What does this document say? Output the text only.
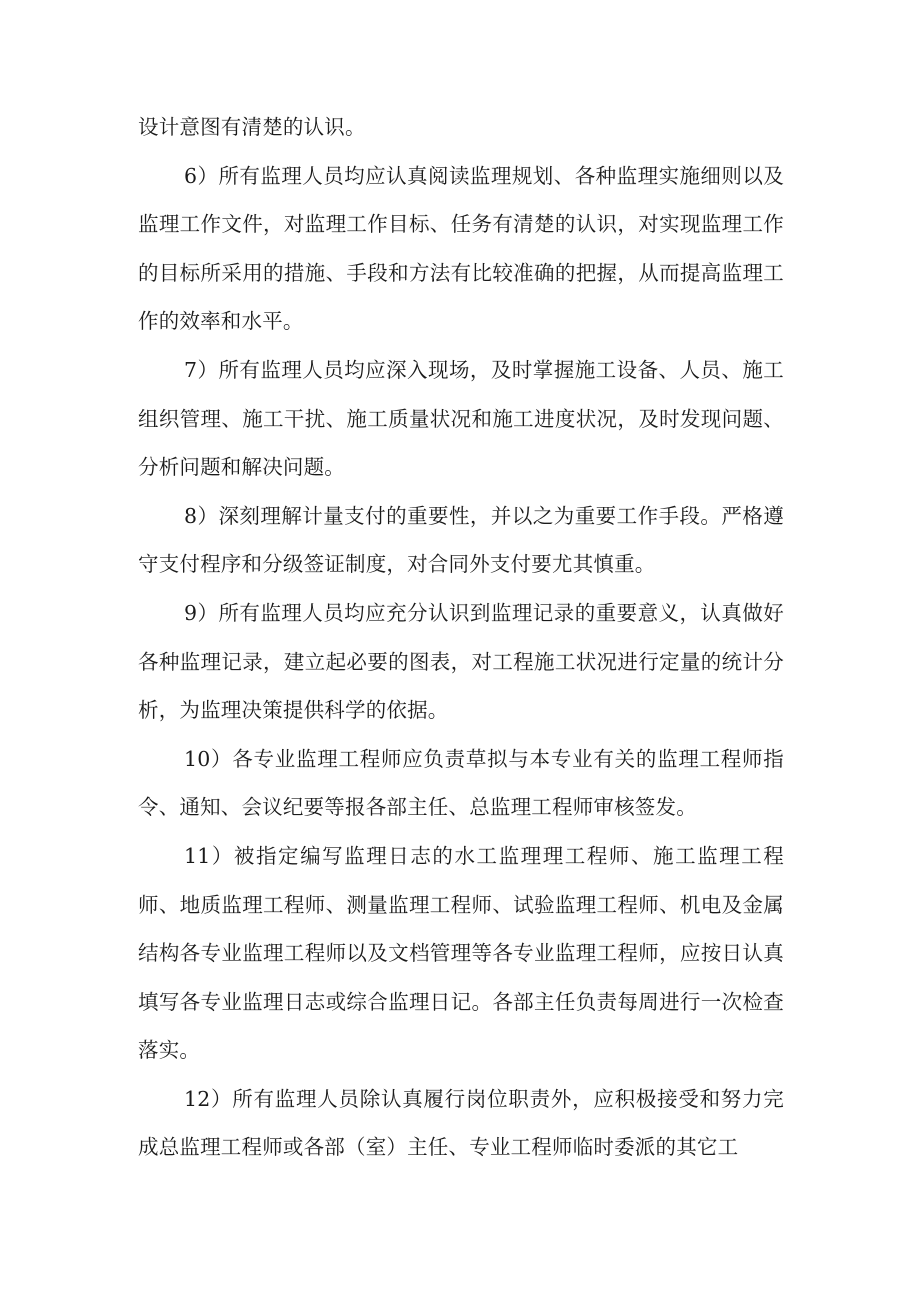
设计意图有清楚的认识。

6）所有监理人员均应认真阅读监理规划、各种监理实施细则以及监理工作文件，对监理工作目标、任务有清楚的认识，对实现监理工作的目标所采用的措施、手段和方法有比较准确的把握，从而提高监理工作的效率和水平。

7）所有监理人员均应深入现场，及时掌握施工设备、人员、施工组织管理、施工干扰、施工质量状况和施工进度状况，及时发现问题、分析问题和解决问题。

8）深刻理解计量支付的重要性，并以之为重要工作手段。严格遵守支付程序和分级签证制度，对合同外支付要尤其慎重。

9）所有监理人员均应充分认识到监理记录的重要意义，认真做好各种监理记录，建立起必要的图表，对工程施工状况进行定量的统计分析，为监理决策提供科学的依据。

10）各专业监理工程师应负责草拟与本专业有关的监理工程师指令、通知、会议纪要等报各部主任、总监理工程师审核签发。

11）被指定编写监理日志的水工监理理工程师、施工监理工程师、地质监理工程师、测量监理工程师、试验监理工程师、机电及金属结构各专业监理工程师以及文档管理等各专业监理工程师，应按日认真填写各专业监理日志或综合监理日记。各部主任负责每周进行一次检查落实。

12）所有监理人员除认真履行岗位职责外，应积极接受和努力完成总监理工程师或各部（室）主任、专业工程师临时委派的其它工
